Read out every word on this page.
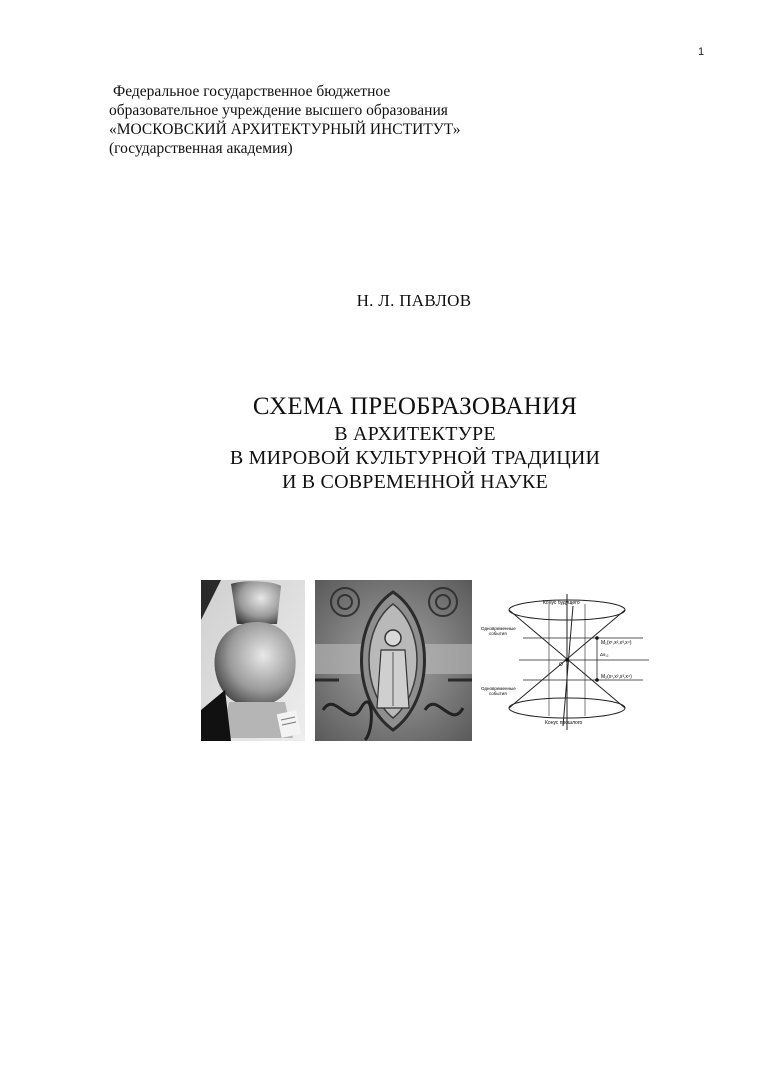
1
Федеральное государственное бюджетное
образовательное учреждение высшего образования
«МОСКОВСКИЙ АРХИТЕКТУРНЫЙ ИНСТИТУТ»
(государственная академия)
Н. Л. ПАВЛОВ
СХЕМА ПРЕОБРАЗОВАНИЯ
В АРХИТЕКТУРЕ
В МИРОВОЙ КУЛЬТУРНОЙ ТРАДИЦИИ
И В СОВРЕМЕННОЙ НАУКЕ
Конус будущего
Конус прошлого
Одновременные
события
Одновременные
события
M₁(x¹,x²,x³,x⁴)
M₂(x¹,x²,x³,x⁴)
O
Δs₁₂
